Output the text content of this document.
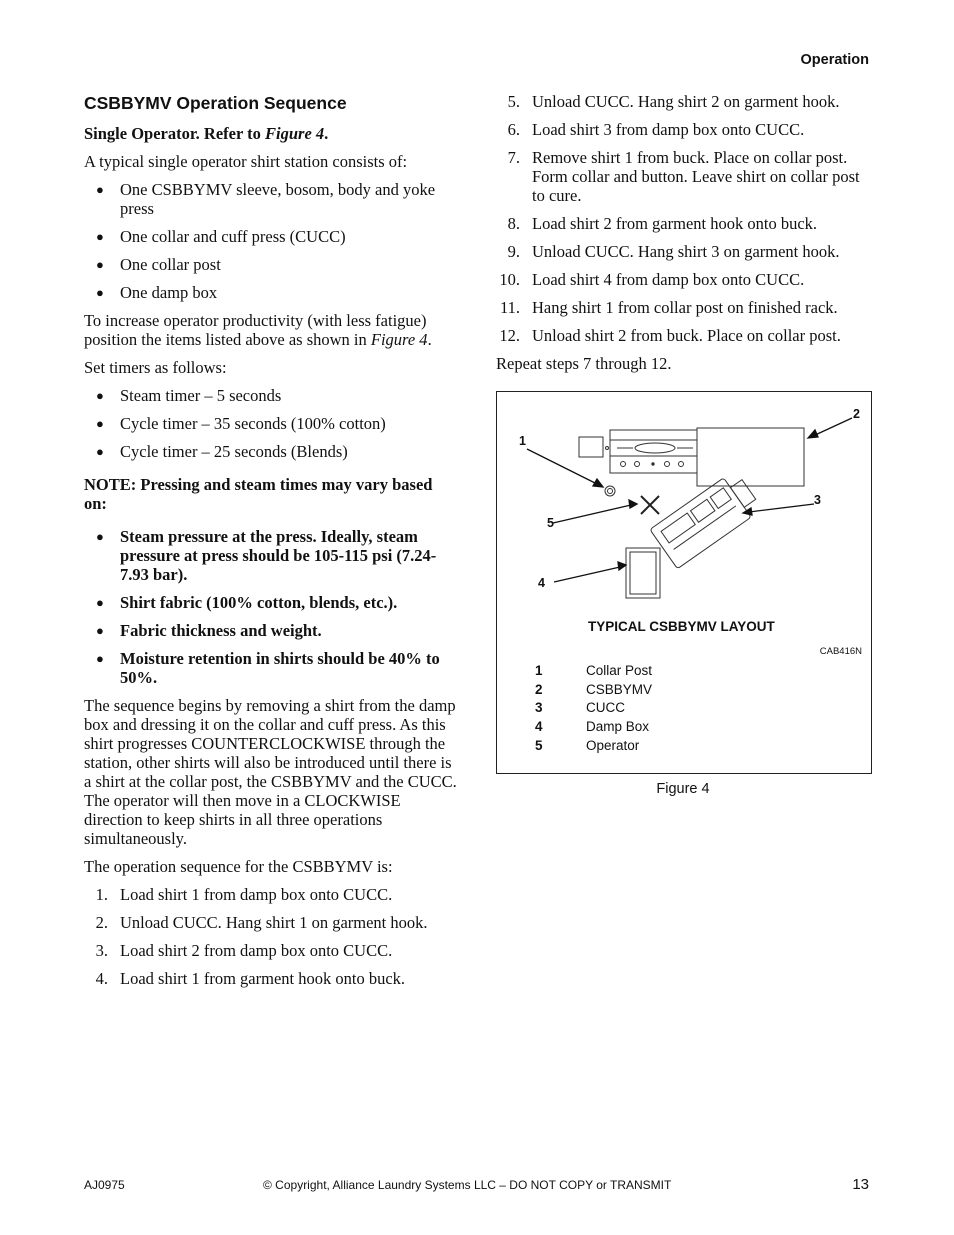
Operation
CSBBYMV Operation Sequence

Single Operator. Refer to Figure 4.

A typical single operator shirt station consists of:

● One CSBBYMV sleeve, bosom, body and yoke press
● One collar and cuff press (CUCC)
● One collar post
● One damp box

To increase operator productivity (with less fatigue) position the items listed above as shown in Figure 4.

Set timers as follows:

● Steam timer – 5 seconds
● Cycle timer – 35 seconds (100% cotton)
● Cycle timer – 25 seconds (Blends)

NOTE: Pressing and steam times may vary based on:

● Steam pressure at the press. Ideally, steam pressure at press should be 105-115 psi (7.24-7.93 bar).
● Shirt fabric (100% cotton, blends, etc.).
● Fabric thickness and weight.
● Moisture retention in shirts should be 40% to 50%.

The sequence begins by removing a shirt from the damp box and dressing it on the collar and cuff press. As this shirt progresses COUNTERCLOCKWISE through the station, other shirts will also be introduced until there is a shirt at the collar post, the CSBBYMV and the CUCC. The operator will then move in a CLOCKWISE direction to keep shirts in all three operations simultaneously.

The operation sequence for the CSBBYMV is:

1. Load shirt 1 from damp box onto CUCC.
2. Unload CUCC. Hang shirt 1 on garment hook.
3. Load shirt 2 from damp box onto CUCC.
4. Load shirt 1 from garment hook onto buck.
5. Unload CUCC. Hang shirt 2 on garment hook.
6. Load shirt 3 from damp box onto CUCC.
7. Remove shirt 1 from buck. Place on collar post. Form collar and button. Leave shirt on collar post to cure.
8. Load shirt 2 from garment hook onto buck.
9. Unload CUCC. Hang shirt 3 on garment hook.
10. Load shirt 4 from damp box onto CUCC.
11. Hang shirt 1 from collar post on finished rack.
12. Unload shirt 2 from buck. Place on collar post.

Repeat steps 7 through 12.

1
2
3
4
5
TYPICAL CSBBYMV LAYOUT
CAB416N
1	Collar Post
2	CSBBYMV
3	CUCC
4	Damp Box
5	Operator
Figure 4
AJ0975	© Copyright, Alliance Laundry Systems LLC – DO NOT COPY or TRANSMIT	13
